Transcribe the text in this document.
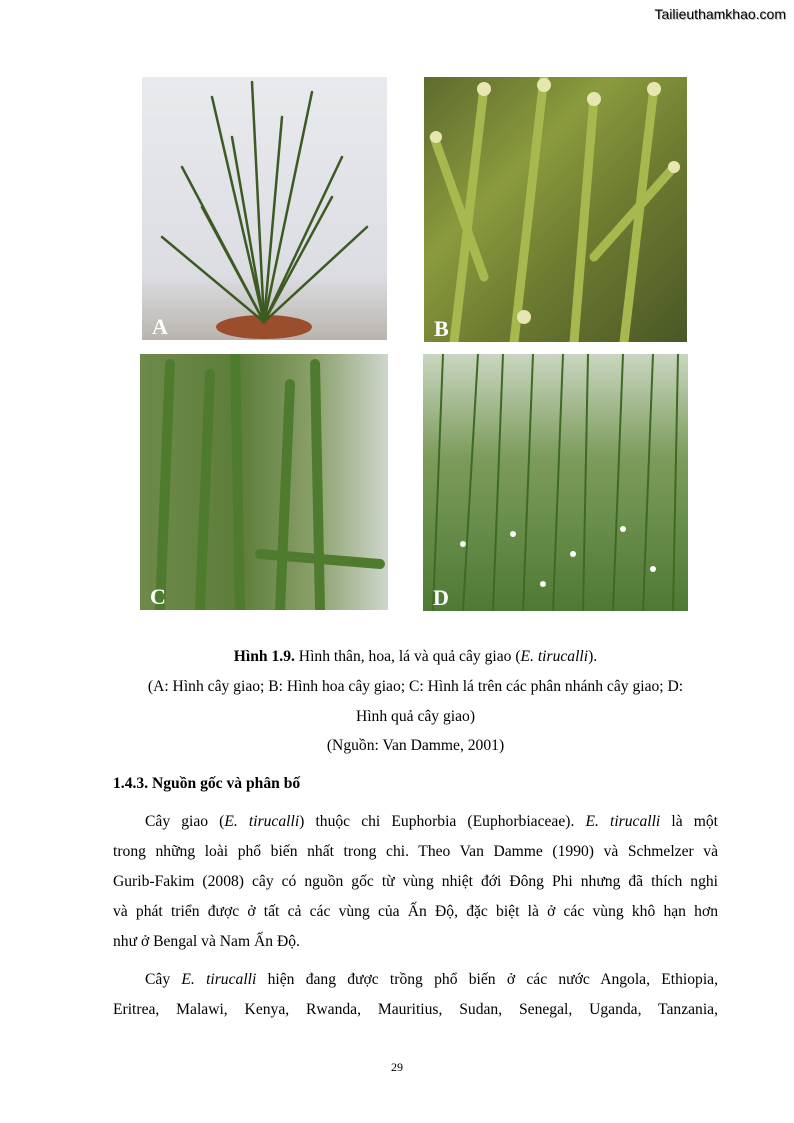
Tailieuthamkhao.com
A	B
C	D
Hình 1.9. Hình thân, hoa, lá và quả cây giao (E. tirucalli).
(A: Hình cây giao; B: Hình hoa cây giao; C: Hình lá trên các phân nhánh cây giao; D:
Hình quả cây giao)
(Nguồn: Van Damme, 2001)
1.4.3. Nguồn gốc và phân bố
Cây giao (E. tirucalli) thuộc chi Euphorbia (Euphorbiaceae). E. tirucalli là một
trong những loài phổ biến nhất trong chi. Theo Van Damme (1990) và Schmelzer và
Gurib-Fakim (2008) cây có nguồn gốc từ vùng nhiệt đới Đông Phi nhưng đã thích nghi
và phát triển được ở tất cả các vùng của Ấn Độ, đặc biệt là ở các vùng khô hạn hơn
như ở Bengal và Nam Ấn Độ.
Cây E. tirucalli hiện đang được trồng phổ biến ở các nước Angola, Ethiopia,
Eritrea, Malawi, Kenya, Rwanda, Mauritius, Sudan, Senegal, Uganda, Tanzania,
29
